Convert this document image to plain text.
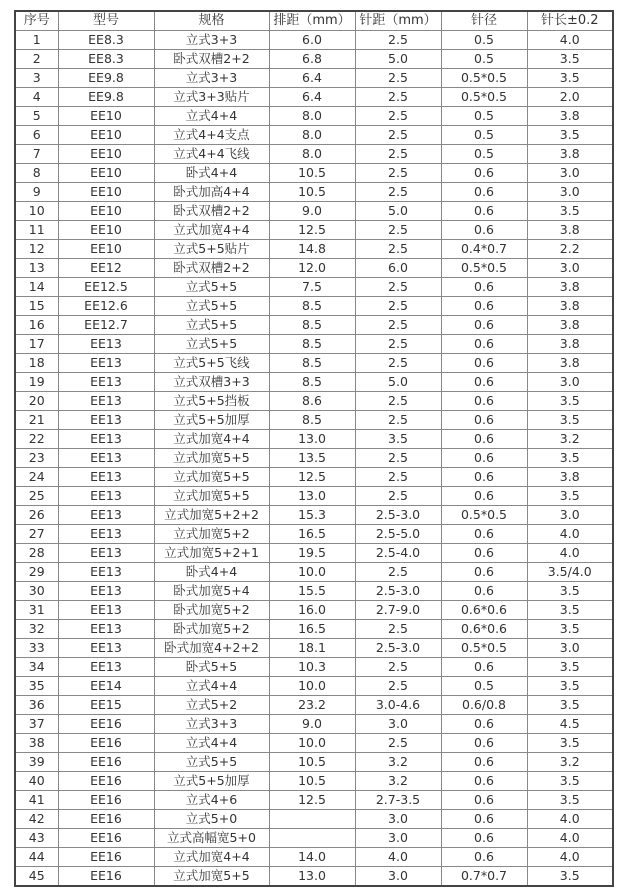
序号	型号	规格	排距（mm）	针距（mm）	针径	针长±0.2
1	EE8.3	立式3+3	6.0	2.5	0.5	4.0
2	EE8.3	卧式双槽2+2	6.8	5.0	0.5	3.5
3	EE9.8	立式3+3	6.4	2.5	0.5*0.5	3.5
4	EE9.8	立式3+3贴片	6.4	2.5	0.5*0.5	2.0
5	EE10	立式4+4	8.0	2.5	0.5	3.8
6	EE10	立式4+4支点	8.0	2.5	0.5	3.5
7	EE10	立式4+4飞线	8.0	2.5	0.5	3.8
8	EE10	卧式4+4	10.5	2.5	0.6	3.0
9	EE10	卧式加高4+4	10.5	2.5	0.6	3.0
10	EE10	卧式双槽2+2	9.0	5.0	0.6	3.5
11	EE10	立式加宽4+4	12.5	2.5	0.6	3.8
12	EE10	立式5+5贴片	14.8	2.5	0.4*0.7	2.2
13	EE12	卧式双槽2+2	12.0	6.0	0.5*0.5	3.0
14	EE12.5	立式5+5	7.5	2.5	0.6	3.8
15	EE12.6	立式5+5	8.5	2.5	0.6	3.8
16	EE12.7	立式5+5	8.5	2.5	0.6	3.8
17	EE13	立式5+5	8.5	2.5	0.6	3.8
18	EE13	立式5+5飞线	8.5	2.5	0.6	3.8
19	EE13	立式双槽3+3	8.5	5.0	0.6	3.0
20	EE13	立式5+5挡板	8.6	2.5	0.6	3.5
21	EE13	立式5+5加厚	8.5	2.5	0.6	3.5
22	EE13	立式加宽4+4	13.0	3.5	0.6	3.2
23	EE13	立式加宽5+5	13.5	2.5	0.6	3.5
24	EE13	立式加宽5+5	12.5	2.5	0.6	3.8
25	EE13	立式加宽5+5	13.0	2.5	0.6	3.5
26	EE13	立式加宽5+2+2	15.3	2.5-3.0	0.5*0.5	3.0
27	EE13	立式加宽5+2	16.5	2.5-5.0	0.6	4.0
28	EE13	立式加宽5+2+1	19.5	2.5-4.0	0.6	4.0
29	EE13	卧式4+4	10.0	2.5	0.6	3.5/4.0
30	EE13	卧式加宽5+4	15.5	2.5-3.0	0.6	3.5
31	EE13	卧式加宽5+2	16.0	2.7-9.0	0.6*0.6	3.5
32	EE13	卧式加宽5+2	16.5	2.5	0.6*0.6	3.5
33	EE13	卧式加宽4+2+2	18.1	2.5-3.0	0.5*0.5	3.0
34	EE13	卧式5+5	10.3	2.5	0.6	3.5
35	EE14	立式4+4	10.0	2.5	0.5	3.5
36	EE15	立式5+2	23.2	3.0-4.6	0.6/0.8	3.5
37	EE16	立式3+3	9.0	3.0	0.6	4.5
38	EE16	立式4+4	10.0	2.5	0.6	3.5
39	EE16	立式5+5	10.5	3.2	0.6	3.2
40	EE16	立式5+5加厚	10.5	3.2	0.6	3.5
41	EE16	立式4+6	12.5	2.7-3.5	0.6	3.5
42	EE16	立式5+0		3.0	0.6	4.0
43	EE16	立式高幅宽5+0		3.0	0.6	4.0
44	EE16	立式加宽4+4	14.0	4.0	0.6	4.0
45	EE16	立式加宽5+5	13.0	3.0	0.7*0.7	3.5
